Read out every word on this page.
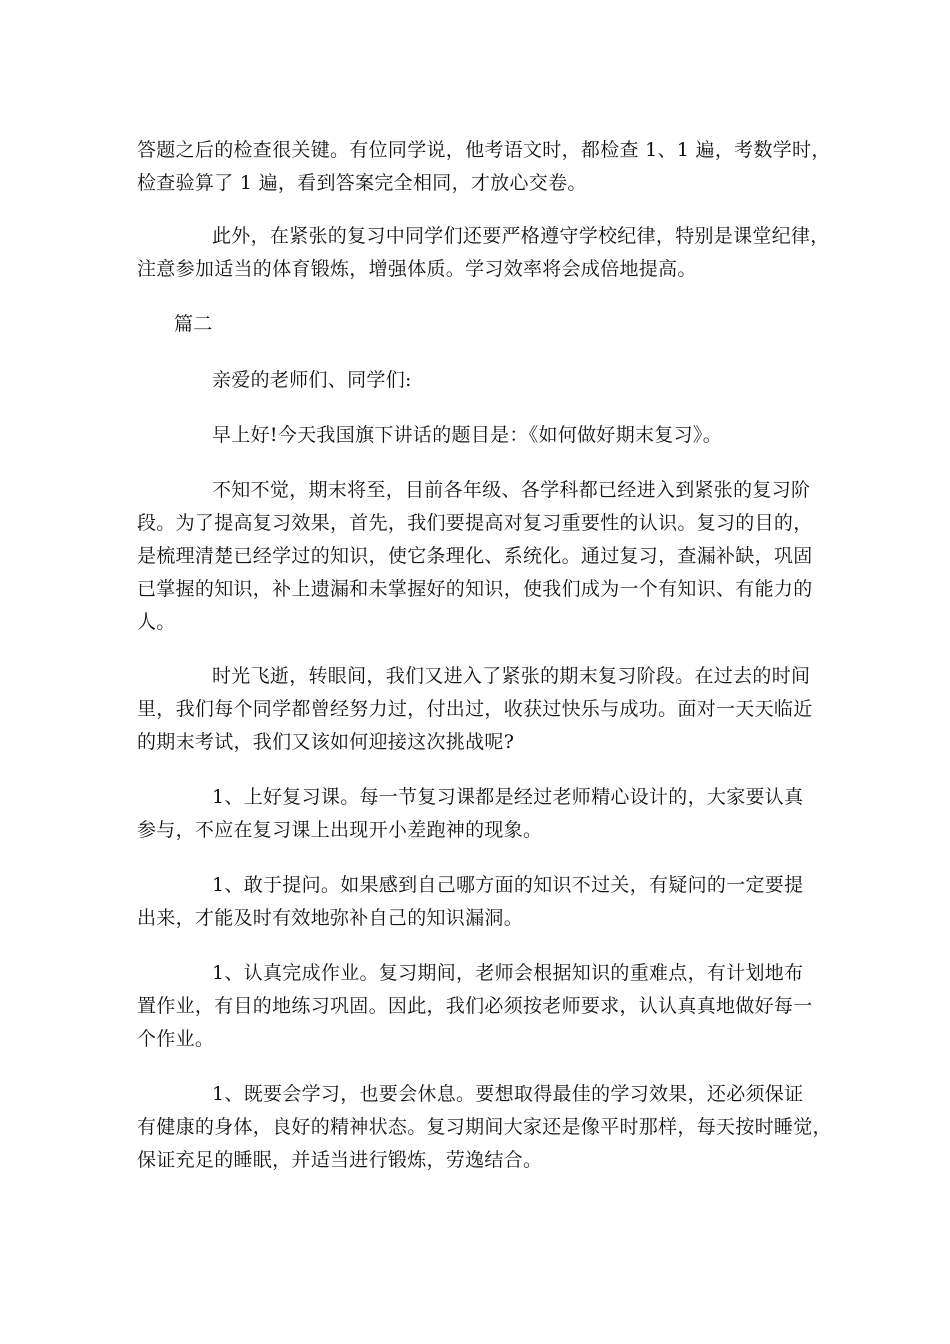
答题之后的检查很关键。有位同学说，他考语文时，都检查 1、1 遍，考数学时，
检查验算了 1 遍，看到答案完全相同，才放心交卷。
此外，在紧张的复习中同学们还要严格遵守学校纪律，特别是课堂纪律，
注意参加适当的体育锻炼，增强体质。学习效率将会成倍地提高。
篇二
亲爱的老师们、同学们:
早上好!今天我国旗下讲话的题目是：《如何做好期末复习》。
不知不觉，期末将至，目前各年级、各学科都已经进入到紧张的复习阶
段。为了提高复习效果，首先，我们要提高对复习重要性的认识。复习的目的，
是梳理清楚已经学过的知识，使它条理化、系统化。通过复习，查漏补缺，巩固
已掌握的知识，补上遗漏和未掌握好的知识，使我们成为一个有知识、有能力的
人。
时光飞逝，转眼间，我们又进入了紧张的期末复习阶段。在过去的时间
里，我们每个同学都曾经努力过，付出过，收获过快乐与成功。面对一天天临近
的期末考试，我们又该如何迎接这次挑战呢?
1、上好复习课。每一节复习课都是经过老师精心设计的，大家要认真
参与，不应在复习课上出现开小差跑神的现象。
1、敢于提问。如果感到自己哪方面的知识不过关，有疑问的一定要提
出来，才能及时有效地弥补自己的知识漏洞。
1、认真完成作业。复习期间，老师会根据知识的重难点，有计划地布
置作业，有目的地练习巩固。因此，我们必须按老师要求，认认真真地做好每一
个作业。
1、既要会学习，也要会休息。要想取得最佳的学习效果，还必须保证
有健康的身体，良好的精神状态。复习期间大家还是像平时那样，每天按时睡觉，
保证充足的睡眠，并适当进行锻炼，劳逸结合。
